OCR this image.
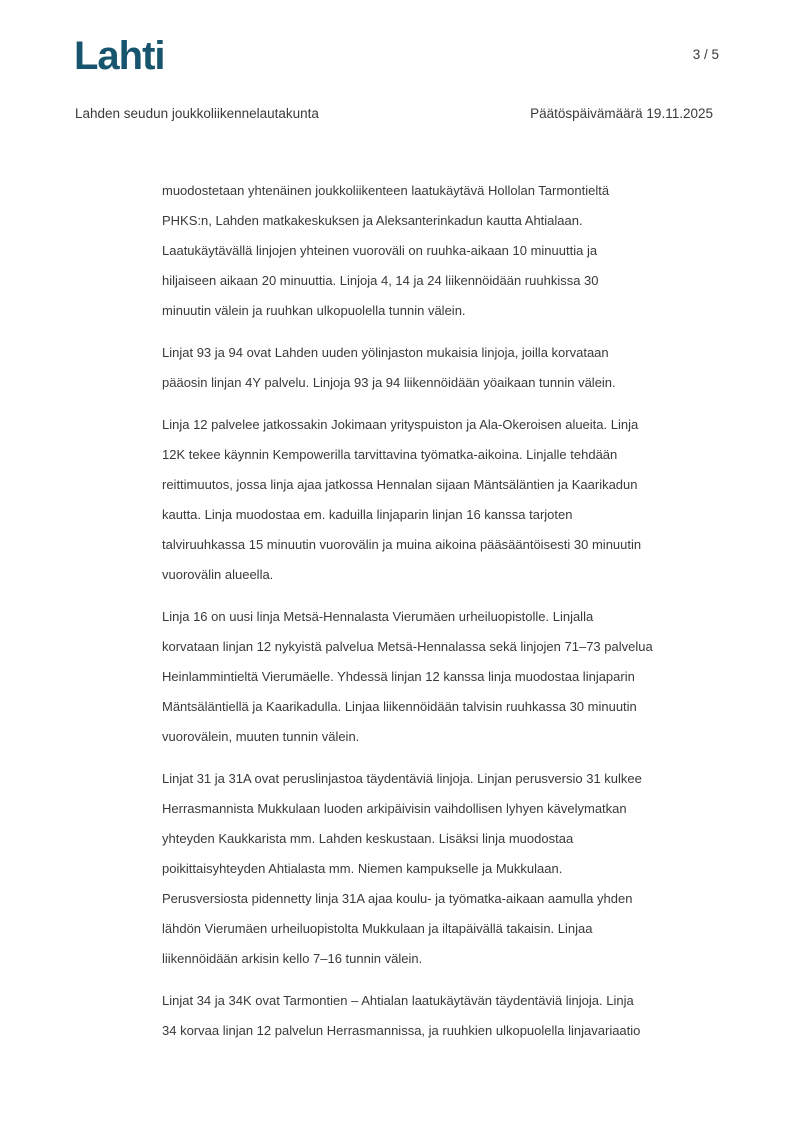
Lahti	3 / 5
Lahden seudun joukkoliikennelautakunta	Päätöspäivämäärä 19.11.2025
muodostetaan yhtenäinen joukkoliikenteen laatukäytävä Hollolan Tarmontieltä
PHKS:n, Lahden matkakeskuksen ja Aleksanterinkadun kautta Ahtialaan.
Laatukäytävällä linjojen yhteinen vuoroväli on ruuhka-aikaan 10 minuuttia ja
hiljaiseen aikaan 20 minuuttia. Linjoja 4, 14 ja 24 liikennöidään ruuhkissa 30
minuutin välein ja ruuhkan ulkopuolella tunnin välein.
Linjat 93 ja 94 ovat Lahden uuden yölinjaston mukaisia linjoja, joilla korvataan
pääosin linjan 4Y palvelu. Linjoja 93 ja 94 liikennöidään yöaikaan tunnin välein.
Linja 12 palvelee jatkossakin Jokimaan yrityspuiston ja Ala-Okeroisen alueita. Linja
12K tekee käynnin Kempowerilla tarvittavina työmatka-aikoina. Linjalle tehdään
reittimuutos, jossa linja ajaa jatkossa Hennalan sijaan Mäntsäläntien ja Kaarikadun
kautta. Linja muodostaa em. kaduilla linjaparin linjan 16 kanssa tarjoten
talviruuhkassa 15 minuutin vuorovälin ja muina aikoina pääsääntöisesti 30 minuutin
vuorovälin alueella.
Linja 16 on uusi linja Metsä-Hennalasta Vierumäen urheiluopistolle. Linjalla
korvataan linjan 12 nykyistä palvelua Metsä-Hennalassa sekä linjojen 71–73 palvelua
Heinlammintieltä Vierumäelle. Yhdessä linjan 12 kanssa linja muodostaa linjaparin
Mäntsäläntiellä ja Kaarikadulla. Linjaa liikennöidään talvisin ruuhkassa 30 minuutin
vuorovälein, muuten tunnin välein.
Linjat 31 ja 31A ovat peruslinjastoa täydentäviä linjoja. Linjan perusversio 31 kulkee
Herrasmannista Mukkulaan luoden arkipäivisin vaihdollisen lyhyen kävelymatkan
yhteyden Kaukkarista mm. Lahden keskustaan. Lisäksi linja muodostaa
poikittaisyhteyden Ahtialasta mm. Niemen kampukselle ja Mukkulaan.
Perusversiosta pidennetty linja 31A ajaa koulu- ja työmatka-aikaan aamulla yhden
lähdön Vierumäen urheiluopistolta Mukkulaan ja iltapäivällä takaisin. Linjaa
liikennöidään arkisin kello 7–16 tunnin välein.
Linjat 34 ja 34K ovat Tarmontien – Ahtialan laatukäytävän täydentäviä linjoja. Linja
34 korvaa linjan 12 palvelun Herrasmannissa, ja ruuhkien ulkopuolella linjavariaatio
